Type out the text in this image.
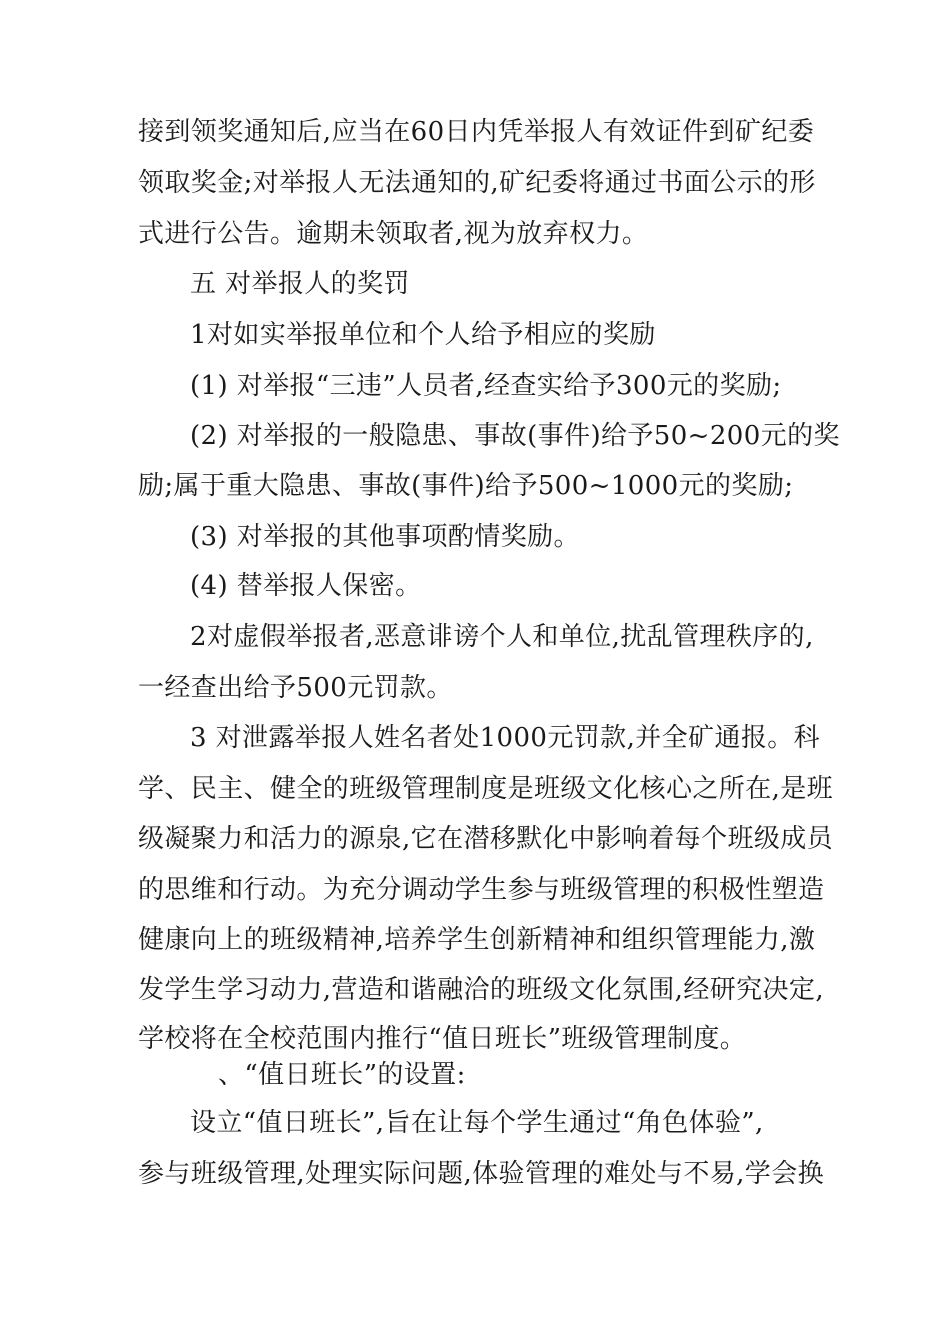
接到领奖通知后,应当在60日内凭举报人有效证件到矿纪委
领取奖金;对举报人无法通知的,矿纪委将通过书面公示的形
式进行公告。逾期未领取者,视为放弃权力。
五 对举报人的奖罚
1对如实举报单位和个人给予相应的奖励
(1) 对举报“三违”人员者,经查实给予300元的奖励;
(2) 对举报的一般隐患、事故(事件)给予50~200元的奖
励;属于重大隐患、事故(事件)给予500~1000元的奖励;
(3) 对举报的其他事项酌情奖励。
(4) 替举报人保密。
2对虚假举报者,恶意诽谤个人和单位,扰乱管理秩序的,
一经查出给予500元罚款。
3 对泄露举报人姓名者处1000元罚款,并全矿通报。科
学、民主、健全的班级管理制度是班级文化核心之所在,是班
级凝聚力和活力的源泉,它在潜移默化中影响着每个班级成员
的思维和行动。为充分调动学生参与班级管理的积极性塑造
健康向上的班级精神,培养学生创新精神和组织管理能力,激
发学生学习动力,营造和谐融洽的班级文化氛围,经研究决定,
学校将在全校范围内推行“值日班长”班级管理制度。
、“值日班长”的设置:
设立“值日班长”,旨在让每个学生通过“角色体验”,
参与班级管理,处理实际问题,体验管理的难处与不易,学会换
